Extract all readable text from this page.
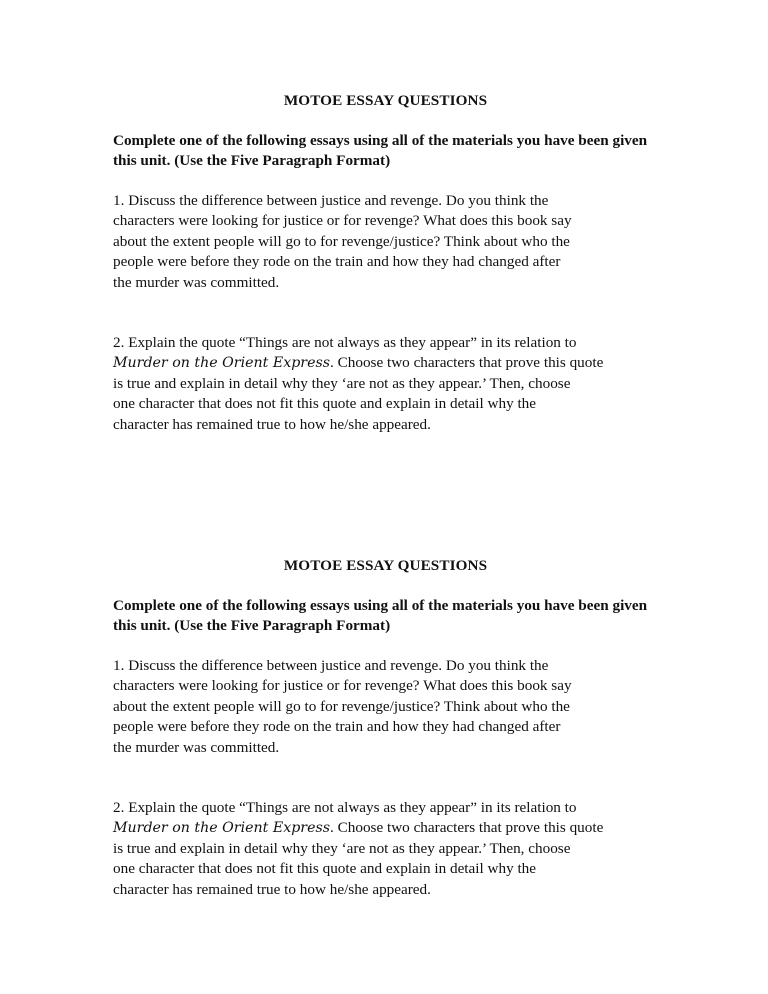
MOTOE ESSAY QUESTIONS

Complete one of the following essays using all of the materials you have been given this unit. (Use the Five Paragraph Format)

1. Discuss the difference between justice and revenge. Do you think the
characters were looking for justice or for revenge? What does this book say
about the extent people will go to for revenge/justice? Think about who the
people were before they rode on the train and how they had changed after
the murder was committed.

2. Explain the quote “Things are not always as they appear” in its relation to
Murder on the Orient Express. Choose two characters that prove this quote
is true and explain in detail why they ‘are not as they appear.’ Then, choose
one character that does not fit this quote and explain in detail why the
character has remained true to how he/she appeared.

MOTOE ESSAY QUESTIONS

Complete one of the following essays using all of the materials you have been given this unit. (Use the Five Paragraph Format)

1. Discuss the difference between justice and revenge. Do you think the
characters were looking for justice or for revenge? What does this book say
about the extent people will go to for revenge/justice? Think about who the
people were before they rode on the train and how they had changed after
the murder was committed.

2. Explain the quote “Things are not always as they appear” in its relation to
Murder on the Orient Express. Choose two characters that prove this quote
is true and explain in detail why they ‘are not as they appear.’ Then, choose
one character that does not fit this quote and explain in detail why the
character has remained true to how he/she appeared.
